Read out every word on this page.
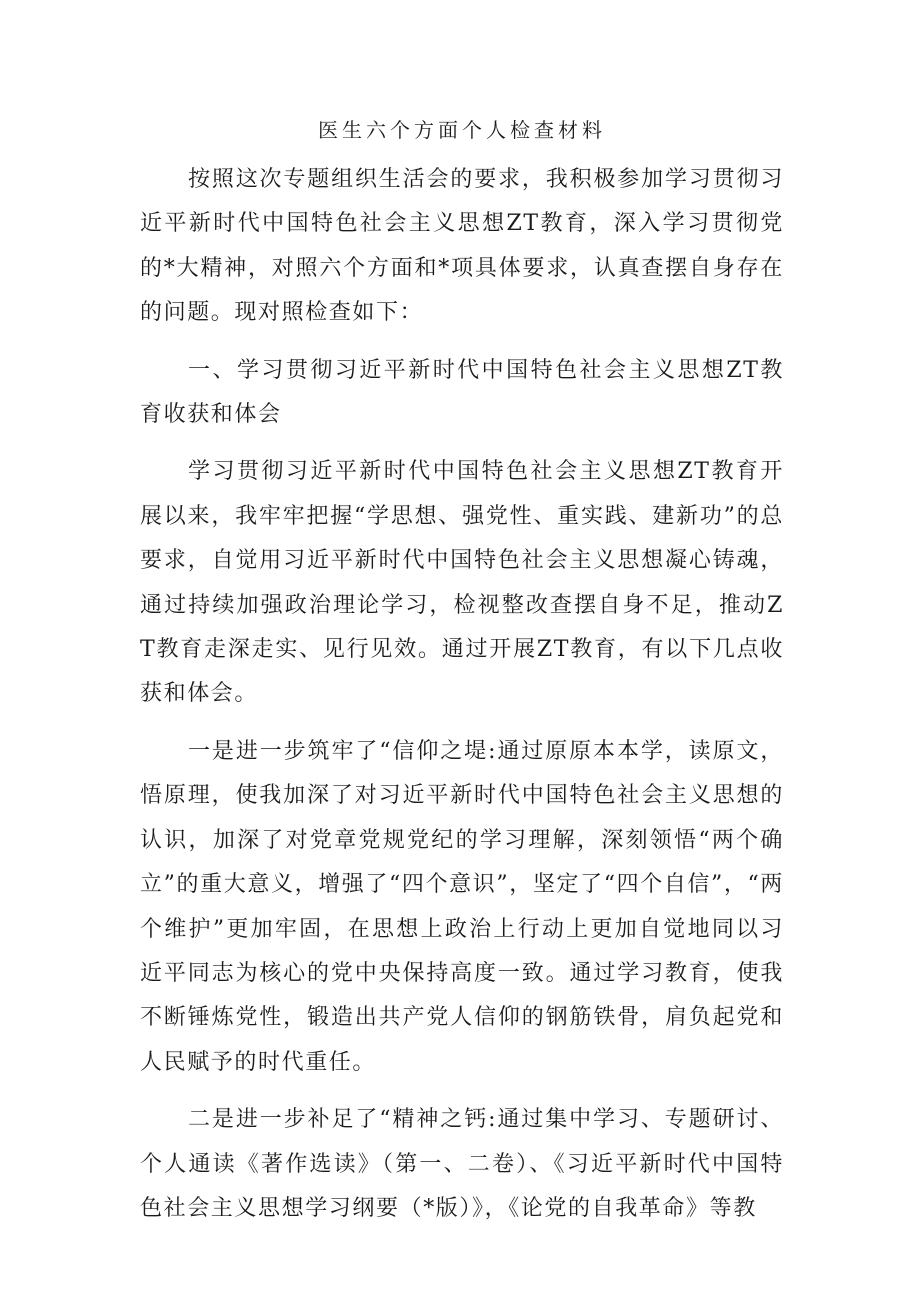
医生六个方面个人检查材料

按照这次专题组织生活会的要求，我积极参加学习贯彻习近平新时代中国特色社会主义思想ZT教育，深入学习贯彻党的*大精神，对照六个方面和*项具体要求，认真查摆自身存在的问题。现对照检查如下：

一、学习贯彻习近平新时代中国特色社会主义思想ZT教育收获和体会

学习贯彻习近平新时代中国特色社会主义思想ZT教育开展以来，我牢牢把握“学思想、强党性、重实践、建新功”的总要求，自觉用习近平新时代中国特色社会主义思想凝心铸魂，通过持续加强政治理论学习，检视整改查摆自身不足，推动ZT教育走深走实、见行见效。通过开展ZT教育，有以下几点收获和体会。

一是进一步筑牢了“信仰之堤:通过原原本本学，读原文，悟原理，使我加深了对习近平新时代中国特色社会主义思想的认识，加深了对党章党规党纪的学习理解，深刻领悟“两个确立”的重大意义，增强了“四个意识”，坚定了“四个自信”，“两个维护”更加牢固，在思想上政治上行动上更加自觉地同以习近平同志为核心的党中央保持高度一致。通过学习教育，使我不断锤炼党性，锻造出共产党人信仰的钢筋铁骨，肩负起党和人民赋予的时代重任。

二是进一步补足了“精神之钙:通过集中学习、专题研讨、个人通读《著作选读》（第一、二卷）、《习近平新时代中国特色社会主义思想学习纲要（*版）》，《论党的自我革命》等教
